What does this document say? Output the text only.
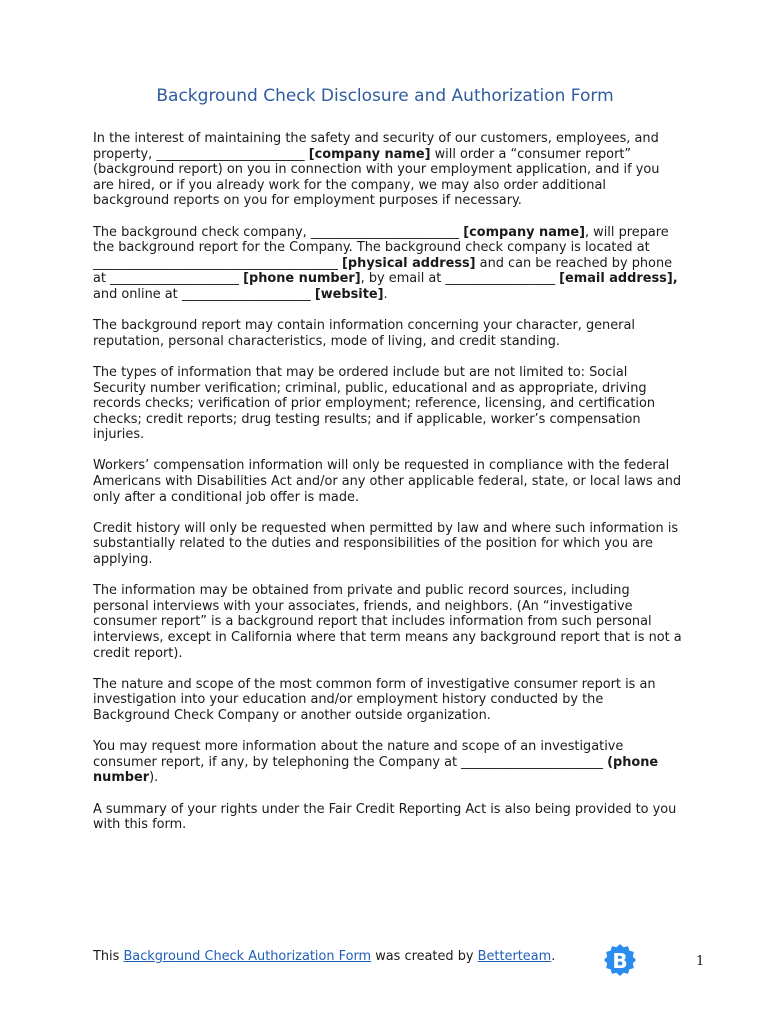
Background Check Disclosure and Authorization Form

In the interest of maintaining the safety and security of our customers, employees, and property, _______________________ [company name] will order a “consumer report” (background report) on you in connection with your employment application, and if you are hired, or if you already work for the company, we may also order additional background reports on you for employment purposes if necessary.

The background check company, _______________________ [company name], will prepare the background report for the Company. The background check company is located at ______________________________________ [physical address] and can be reached by phone at ____________________ [phone number], by email at _________________ [email address], and online at ____________________ [website].

The background report may contain information concerning your character, general reputation, personal characteristics, mode of living, and credit standing.

The types of information that may be ordered include but are not limited to: Social Security number verification; criminal, public, educational and as appropriate, driving records checks; verification of prior employment; reference, licensing, and certification checks; credit reports; drug testing results; and if applicable, worker’s compensation injuries.

Workers’ compensation information will only be requested in compliance with the federal Americans with Disabilities Act and/or any other applicable federal, state, or local laws and only after a conditional job offer is made.

Credit history will only be requested when permitted by law and where such information is substantially related to the duties and responsibilities of the position for which you are applying.

The information may be obtained from private and public record sources, including personal interviews with your associates, friends, and neighbors. (An “investigative consumer report” is a background report that includes information from such personal interviews, except in California where that term means any background report that is not a credit report).

The nature and scope of the most common form of investigative consumer report is an investigation into your education and/or employment history conducted by the Background Check Company or another outside organization.

You may request more information about the nature and scope of an investigative consumer report, if any, by telephoning the Company at ______________________ (phone number).

A summary of your rights under the Fair Credit Reporting Act is also being provided to you with this form.

This Background Check Authorization Form was created by Betterteam.	B	1
